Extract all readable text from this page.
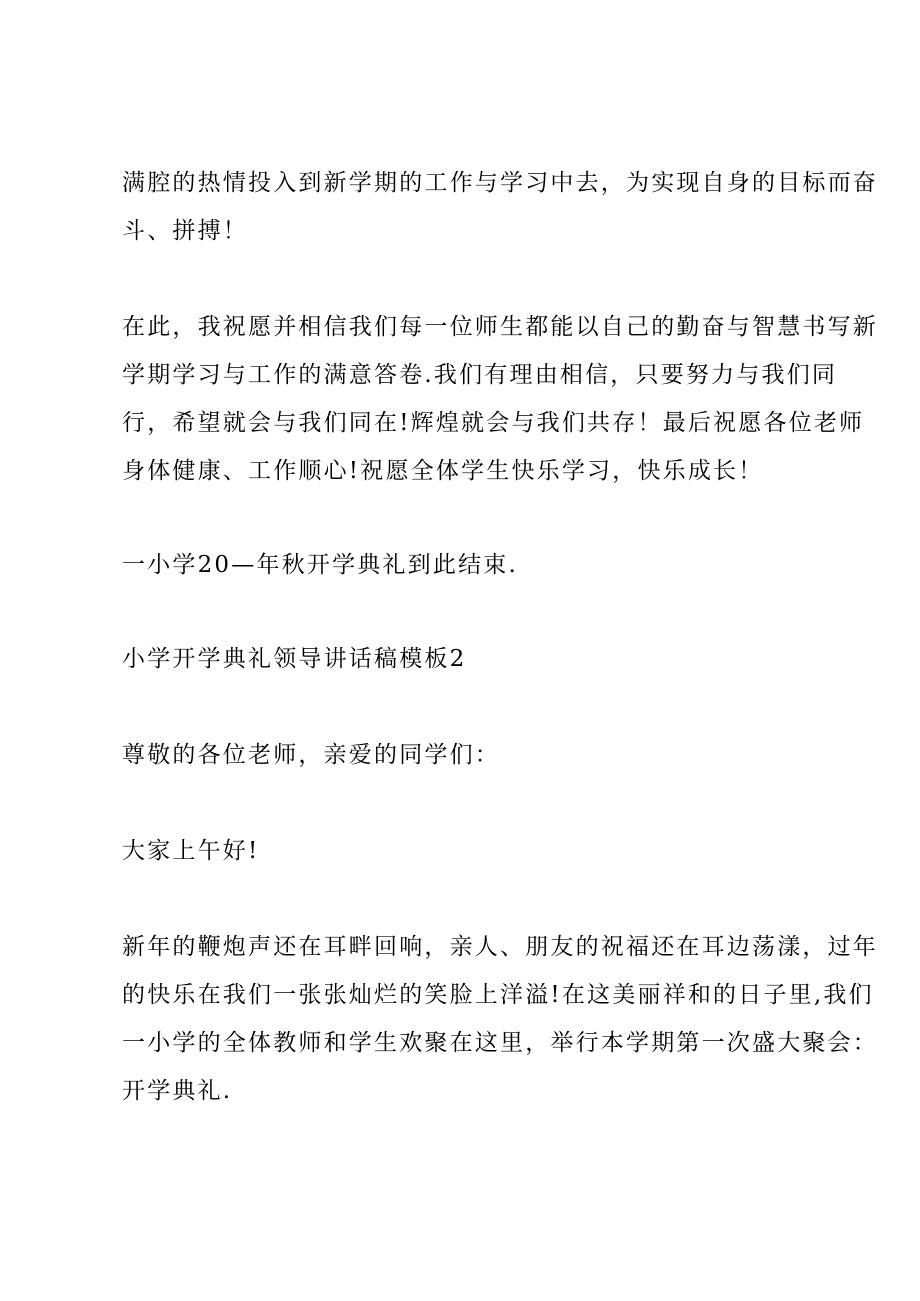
满腔的热情投入到新学期的工作与学习中去，为实现自身的目标而奋
斗、拼搏！
在此，我祝愿并相信我们每一位师生都能以自己的勤奋与智慧书写新
学期学习与工作的满意答卷.我们有理由相信，只要努力与我们同
行，希望就会与我们同在!辉煌就会与我们共存！最后祝愿各位老师
身体健康、工作顺心!祝愿全体学生快乐学习，快乐成长！
一小学20—年秋开学典礼到此结束.
小学开学典礼领导讲话稿模板2
尊敬的各位老师，亲爱的同学们：
大家上午好!
新年的鞭炮声还在耳畔回响，亲人、朋友的祝福还在耳边荡漾，过年
的快乐在我们一张张灿烂的笑脸上洋溢!在这美丽祥和的日子里,我们
一小学的全体教师和学生欢聚在这里，举行本学期第一次盛大聚会：
开学典礼.
